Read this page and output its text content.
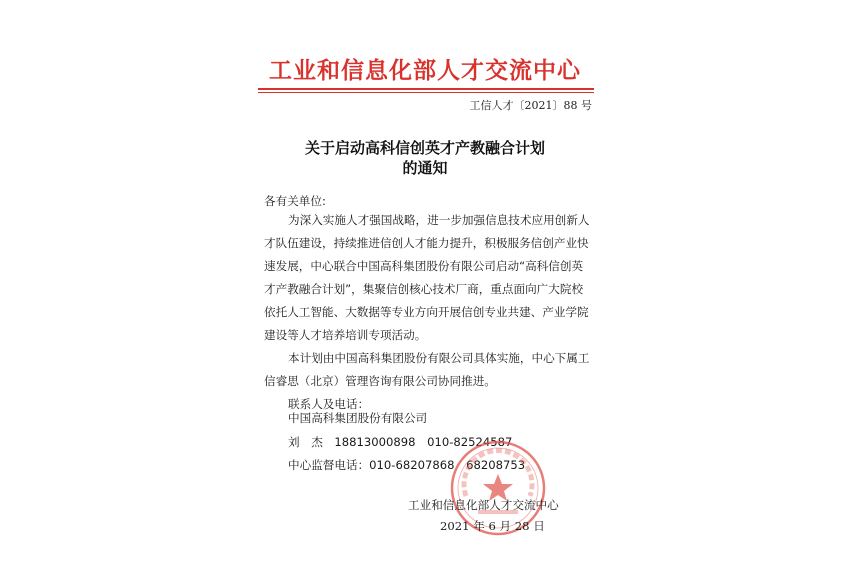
工业和信息化部人才交流中心
工信人才〔2021〕88 号
关于启动高科信创英才产教融合计划
的通知
各有关单位:
为深入实施人才强国战略，进一步加强信息技术应用创新人
才队伍建设，持续推进信创人才能力提升，积极服务信创产业快
速发展，中心联合中国高科集团股份有限公司启动“高科信创英
才产教融合计划”，集聚信创核心技术厂商，重点面向广大院校
依托人工智能、大数据等专业方向开展信创专业共建、产业学院
建设等人才培养培训专项活动。
本计划由中国高科集团股份有限公司具体实施，中心下属工
信睿思（北京）管理咨询有限公司协同推进。
联系人及电话：
中国高科集团股份有限公司
刘　杰　18813000898　010-82524587
中心监督电话：010-68207868　68208753
工业和信息化部人才交流中心
2021 年 6 月 28 日
